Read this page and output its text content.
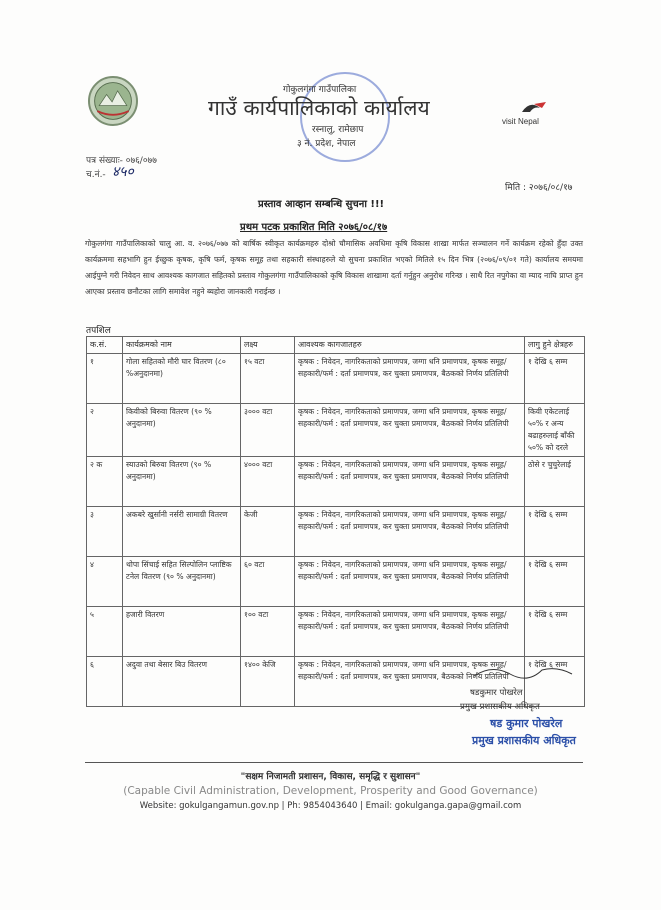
गोकुलगंगा गाउँपालिका
गाउँ कार्यपालिकाको कार्यालय
रस्नालु, रामेछाप
३ नं. प्रदेश, नेपाल
visit Nepal
पत्र संख्याः- ०७६/०७७
च.नं.- ४५०
मिति : २०७६/०८/१७
प्रस्ताव आव्हान सम्बन्धि सुचना !!!
प्रथम पटक प्रकाशित मिति २०७६/०८/१७
गोकुलगंगा गाउँपालिकाको चालु आ. व. २०७६/०७७ को बार्षिक स्वीकृत कार्यक्रमहरु दोश्रो चौमासिक अवधिमा कृषि विकास शाखा मार्फत सञ्चालन गर्ने कार्यक्रम रहेको हुँदा उक्त कार्यक्रममा सहभागि हुन ईच्छुक कृषक, कृषि फर्म, कृषक समूह तथा सहकारी संस्थाहरुले यो सुचना प्रकाशित भएको मितिले १५ दिन भित्र (२०७६/०९/०१ गते) कार्यालय समयमा आईपुग्ने गरी निवेदन साथ आवश्यक कागजात सहितको प्रस्ताव गोकुलगंगा गाउँपालिकाको कृषि विकास शाखामा दर्ता गर्नुहुन अनुरोध गरिन्छ । साथै रित नपुगेका वा म्याद नाघि प्राप्त हुन आएका प्रस्ताव छनौटका लागि समावेश नहुने ब्यहोरा जानकारी गराईन्छ ।
तपशिल
क.सं.	कार्यक्रमको नाम	लक्ष्य	आवश्यक कागजातहरु	लागु हुने क्षेत्रहरु
१	गोला सहितको मौरी घार वितरण (८० %अनुदानमा)	१५ वटा	कृषक : निवेदन, नागरिकताको प्रमाणपत्र, जग्गा धनि प्रमाणपत्र, कृषक समूह/सहकारी/फर्म : दर्ता प्रमाणपत्र, कर चुक्ता प्रमाणपत्र, बैठकको निर्णय प्रतिलिपी	१ देखि ६ सम्म
२	किवीको बिरुवा वितरण (९० % अनुदानमा)	३००० वटा	कृषक : निवेदन, नागरिकताको प्रमाणपत्र, जग्गा धनि प्रमाणपत्र, कृषक समूह/सहकारी/फर्म : दर्ता प्रमाणपत्र, कर चुक्ता प्रमाणपत्र, बैठकको निर्णय प्रतिलिपी	किवी एकेटलाई ५०% र अन्य बढाहरुलाई बाँकी ५०% को दरले
२ क	स्याउको बिरुवा वितरण (९० % अनुदानमा)	४००० वटा	कृषक : निवेदन, नागरिकताको प्रमाणपत्र, जग्गा धनि प्रमाणपत्र, कृषक समूह/सहकारी/फर्म : दर्ता प्रमाणपत्र, कर चुक्ता प्रमाणपत्र, बैठकको निर्णय प्रतिलिपी	ठोसे र चुचुरेलाई
३	अकबरे खुर्सानी नर्सरी सामाग्री वितरण	केजी	कृषक : निवेदन, नागरिकताको प्रमाणपत्र, जग्गा धनि प्रमाणपत्र, कृषक समूह/सहकारी/फर्म : दर्ता प्रमाणपत्र, कर चुक्ता प्रमाणपत्र, बैठकको निर्णय प्रतिलिपी	१ देखि ६ सम्म
४	थोपा सिंचाई सहित सिल्पोलिन प्लाष्टिक टनेल वितरण (९० % अनुदानमा)	६० वटा	कृषक : निवेदन, नागरिकताको प्रमाणपत्र, जग्गा धनि प्रमाणपत्र, कृषक समूह/सहकारी/फर्म : दर्ता प्रमाणपत्र, कर चुक्ता प्रमाणपत्र, बैठकको निर्णय प्रतिलिपी	१ देखि ६ सम्म
५	हजारी वितरण	१०० वटा	कृषक : निवेदन, नागरिकताको प्रमाणपत्र, जग्गा धनि प्रमाणपत्र, कृषक समूह/सहकारी/फर्म : दर्ता प्रमाणपत्र, कर चुक्ता प्रमाणपत्र, बैठकको निर्णय प्रतिलिपी	१ देखि ६ सम्म
६	अदुवा तथा बेसार बिउ वितरण	१४०० केजि	कृषक : निवेदन, नागरिकताको प्रमाणपत्र, जग्गा धनि प्रमाणपत्र, कृषक समूह/सहकारी/फर्म : दर्ता प्रमाणपत्र, कर चुक्ता प्रमाणपत्र, बैठकको निर्णय प्रतिलिपी	१ देखि ६ सम्म
षडकुमार पोखरेल
प्रमुख प्रशासकीय अधिकृत
षड कुमार पोखरेल
प्रमुख प्रशासकीय अधिकृत
"सक्षम निजामती प्रशासन, विकास, समृद्धि र सुशासन"
(Capable Civil Administration, Development, Prosperity and Good Governance)
Website: gokulgangamun.gov.np | Ph: 9854043640 | Email: gokulganga.gapa@gmail.com
